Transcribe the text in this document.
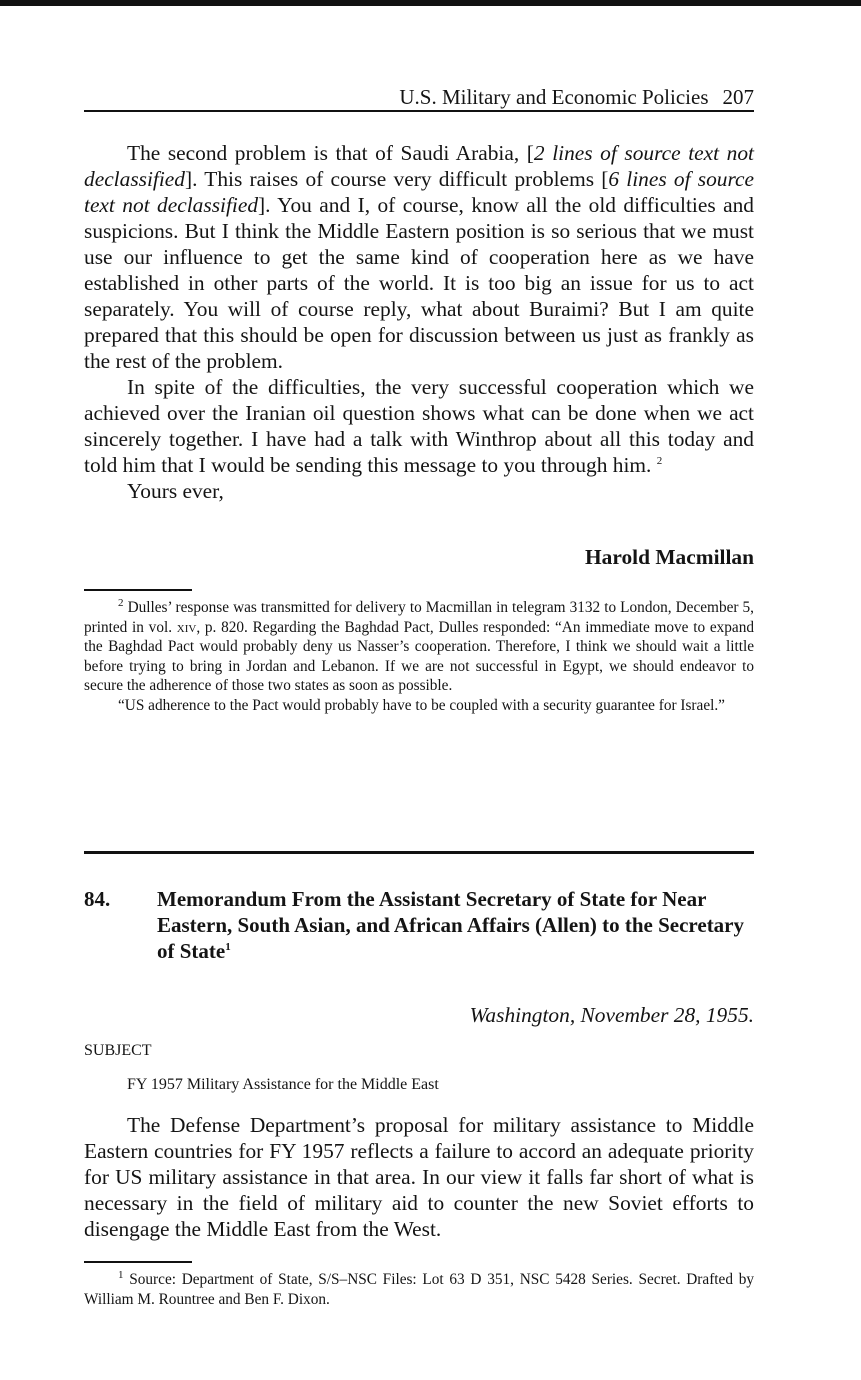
U.S. Military and Economic Policies 207

The second problem is that of Saudi Arabia, [2 lines of source text not declassified]. This raises of course very difficult problems [6 lines of source text not declassified]. You and I, of course, know all the old difficulties and suspicions. But I think the Middle Eastern position is so serious that we must use our influence to get the same kind of cooperation here as we have established in other parts of the world. It is too big an issue for us to act separately. You will of course reply, what about Buraimi? But I am quite prepared that this should be open for discussion between us just as frankly as the rest of the problem.

In spite of the difficulties, the very successful cooperation which we achieved over the Iranian oil question shows what can be done when we act sincerely together. I have had a talk with Winthrop about all this today and told him that I would be sending this message to you through him. $^2$

Yours ever,

Harold Macmillan

$^2$ Dulles’ response was transmitted for delivery to Macmillan in telegram 3132 to London, December 5, printed in vol. xiv, p. 820. Regarding the Baghdad Pact, Dulles responded: “An immediate move to expand the Baghdad Pact would probably deny us Nasser’s cooperation. Therefore, I think we should wait a little before trying to bring in Jordan and Lebanon. If we are not successful in Egypt, we should endeavor to secure the adherence of those two states as soon as possible.

“US adherence to the Pact would probably have to be coupled with a security guarantee for Israel.”

84. Memorandum From the Assistant Secretary of State for Near Eastern, South Asian, and African Affairs (Allen) to the Secretary of State$^1$
Washington, November 28, 1955.
SUBJECT
FY 1957 Military Assistance for the Middle East

The Defense Department’s proposal for military assistance to Middle Eastern countries for FY 1957 reflects a failure to accord an adequate priority for US military assistance in that area. In our view it falls far short of what is necessary in the field of military aid to counter the new Soviet efforts to disengage the Middle East from the West.

$^1$ Source: Department of State, S/S–NSC Files: Lot 63 D 351, NSC 5428 Series. Secret. Drafted by William M. Rountree and Ben F. Dixon.
